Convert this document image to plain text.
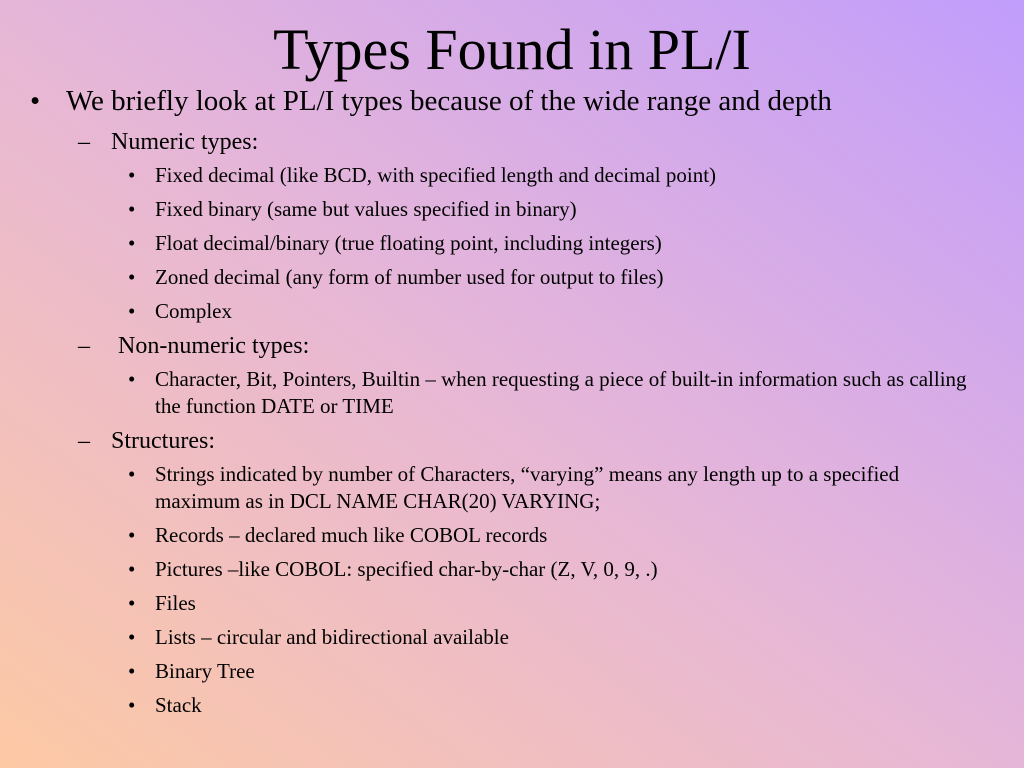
Types Found in PL/I
• We briefly look at PL/I types because of the wide range and depth
– Numeric types:
• Fixed decimal (like BCD, with specified length and decimal point)
• Fixed binary (same but values specified in binary)
• Float decimal/binary (true floating point, including integers)
• Zoned decimal (any form of number used for output to files)
• Complex
– Non-numeric types:
• Character, Bit, Pointers, Builtin – when requesting a piece of built-in information such as calling the function DATE or TIME
– Structures:
• Strings indicated by number of Characters, “varying” means any length up to a specified maximum as in DCL NAME CHAR(20) VARYING;
• Records – declared much like COBOL records
• Pictures –like COBOL: specified char-by-char (Z, V, 0, 9, .)
• Files
• Lists – circular and bidirectional available
• Binary Tree
• Stack
